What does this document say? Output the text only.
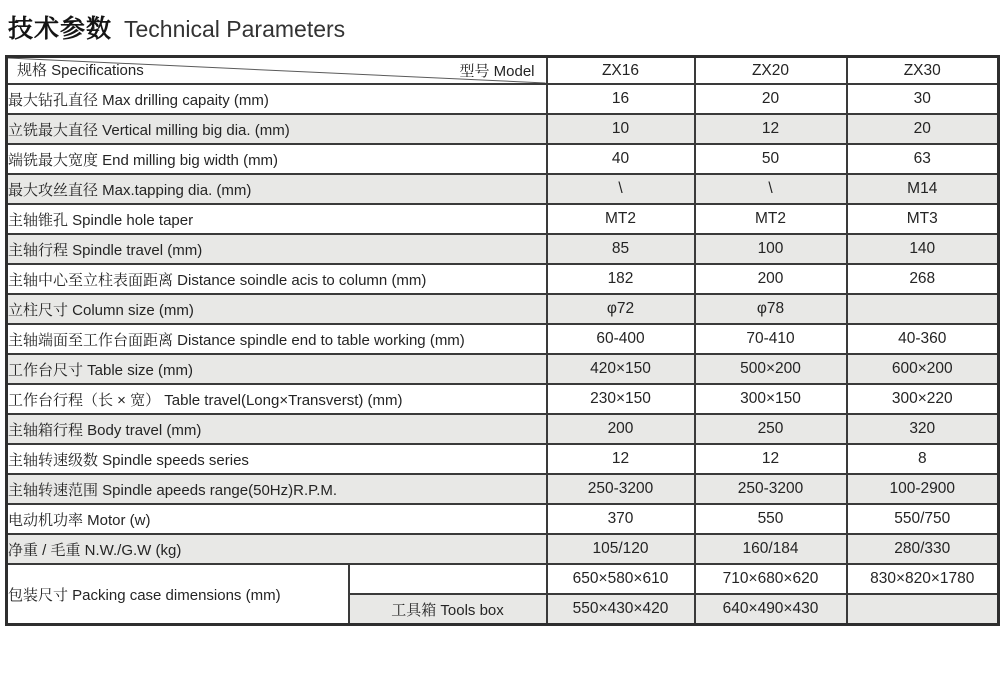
技术参数 Technical Parameters
规格 Specifications 型号 Model		ZX16	ZX20	ZX30
最大钻孔直径 Max drilling capaity (mm)		16	20	30
立铣最大直径 Vertical milling big dia. (mm)		10	12	20
端铣最大宽度 End milling big width (mm)		40	50	63
最大攻丝直径 Max.tapping dia. (mm)		\	\	M14
主轴锥孔 Spindle hole taper		MT2	MT2	MT3
主轴行程 Spindle travel (mm)		85	100	140
主轴中心至立柱表面距离 Distance soindle acis to column (mm)		182	200	268
立柱尺寸 Column size (mm)		φ72	φ78	
主轴端面至工作台面距离 Distance spindle end to table working (mm)		60-400	70-410	40-360
工作台尺寸 Table size (mm)		420×150	500×200	600×200
工作台行程（长 × 宽） Table travel(Long×Transverst) (mm)		230×150	300×150	300×220
主轴箱行程 Body travel (mm)		200	250	320
主轴转速级数 Spindle speeds series		12	12	8
主轴转速范围 Spindle apeeds range(50Hz)R.P.M.		250-3200	250-3200	100-2900
电动机功率 Motor (w)		370	550	550/750
净重 / 毛重 N.W./G.W (kg)		105/120	160/184	280/330
包装尺寸 Packing case dimensions (mm)		650×580×610	710×680×620	830×820×1780
	工具箱 Tools box	550×430×420	640×490×430	
